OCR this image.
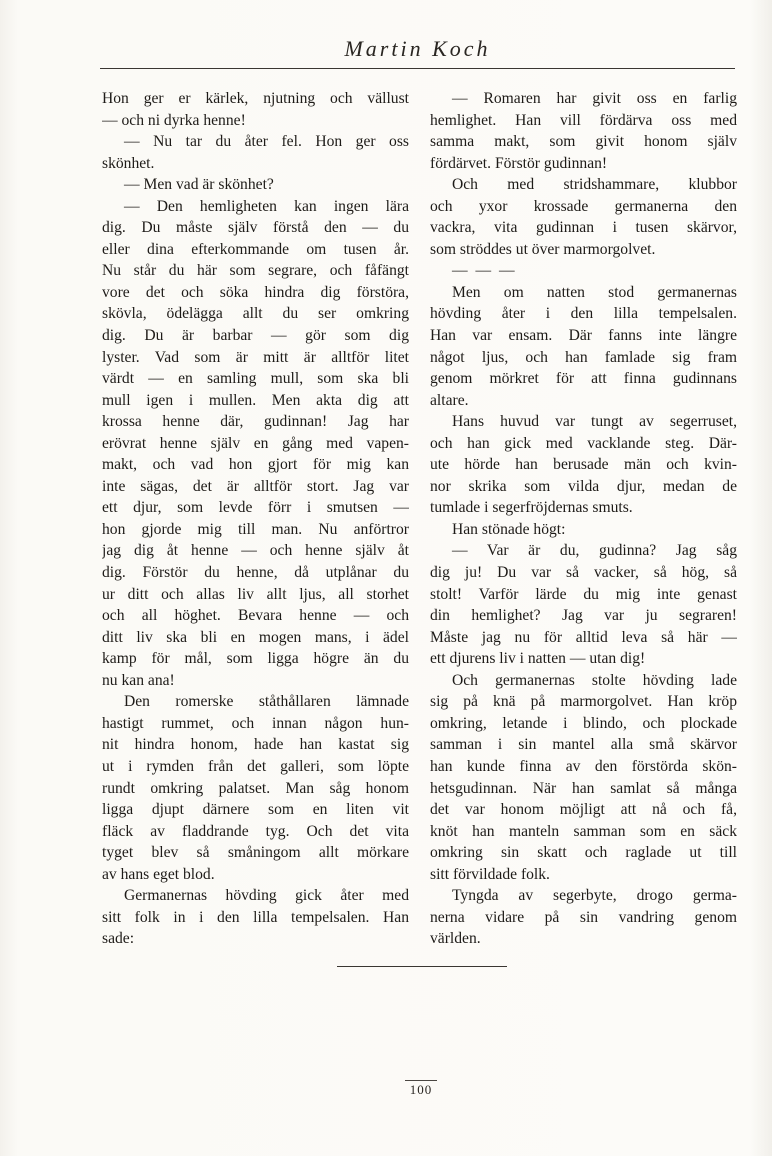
Martin Koch
Hon ger er kärlek, njutning och vällust
— och ni dyrka henne!
— Nu tar du åter fel. Hon ger oss
skönhet.
— Men vad är skönhet?
— Den hemligheten kan ingen lära
dig. Du måste själv förstå den — du
eller dina efterkommande om tusen år.
Nu står du här som segrare, och fåfängt
vore det och söka hindra dig förstöra,
skövla, ödelägga allt du ser omkring
dig. Du är barbar — gör som dig
lyster. Vad som är mitt är alltför litet
värdt — en samling mull, som ska bli
mull igen i mullen. Men akta dig att
krossa henne där, gudinnan! Jag har
erövrat henne själv en gång med vapen-
makt, och vad hon gjort för mig kan
inte sägas, det är alltför stort. Jag var
ett djur, som levde förr i smutsen —
hon gjorde mig till man. Nu anförtror
jag dig åt henne — och henne själv åt
dig. Förstör du henne, då utplånar du
ur ditt och allas liv allt ljus, all storhet
och all höghet. Bevara henne — och
ditt liv ska bli en mogen mans, i ädel
kamp för mål, som ligga högre än du
nu kan ana!
Den romerske ståthållaren lämnade
hastigt rummet, och innan någon hun-
nit hindra honom, hade han kastat sig
ut i rymden från det galleri, som löpte
rundt omkring palatset. Man såg honom
ligga djupt därnere som en liten vit
fläck av fladdrande tyg. Och det vita
tyget blev så småningom allt mörkare
av hans eget blod.
Germanernas hövding gick åter med
sitt folk in i den lilla tempelsalen. Han
sade:
— Romaren har givit oss en farlig
hemlighet. Han vill fördärva oss med
samma makt, som givit honom själv
fördärvet. Förstör gudinnan!
Och med stridshammare, klubbor
och yxor krossade germanerna den
vackra, vita gudinnan i tusen skärvor,
som ströddes ut över marmorgolvet.
— — —
Men om natten stod germanernas
hövding åter i den lilla tempelsalen.
Han var ensam. Där fanns inte längre
något ljus, och han famlade sig fram
genom mörkret för att finna gudinnans
altare.
Hans huvud var tungt av segerruset,
och han gick med vacklande steg. Där-
ute hörde han berusade män och kvin-
nor skrika som vilda djur, medan de
tumlade i segerfröjdernas smuts.
Han stönade högt:
— Var är du, gudinna? Jag såg
dig ju! Du var så vacker, så hög, så
stolt! Varför lärde du mig inte genast
din hemlighet? Jag var ju segraren!
Måste jag nu för alltid leva så här —
ett djurens liv i natten — utan dig!
Och germanernas stolte hövding lade
sig på knä på marmorgolvet. Han kröp
omkring, letande i blindo, och plockade
samman i sin mantel alla små skärvor
han kunde finna av den förstörda skön-
hetsgudinnan. När han samlat så många
det var honom möjligt att nå och få,
knöt han manteln samman som en säck
omkring sin skatt och raglade ut till
sitt förvildade folk.
Tyngda av segerbyte, drogo germa-
nerna vidare på sin vandring genom
världen.
100
